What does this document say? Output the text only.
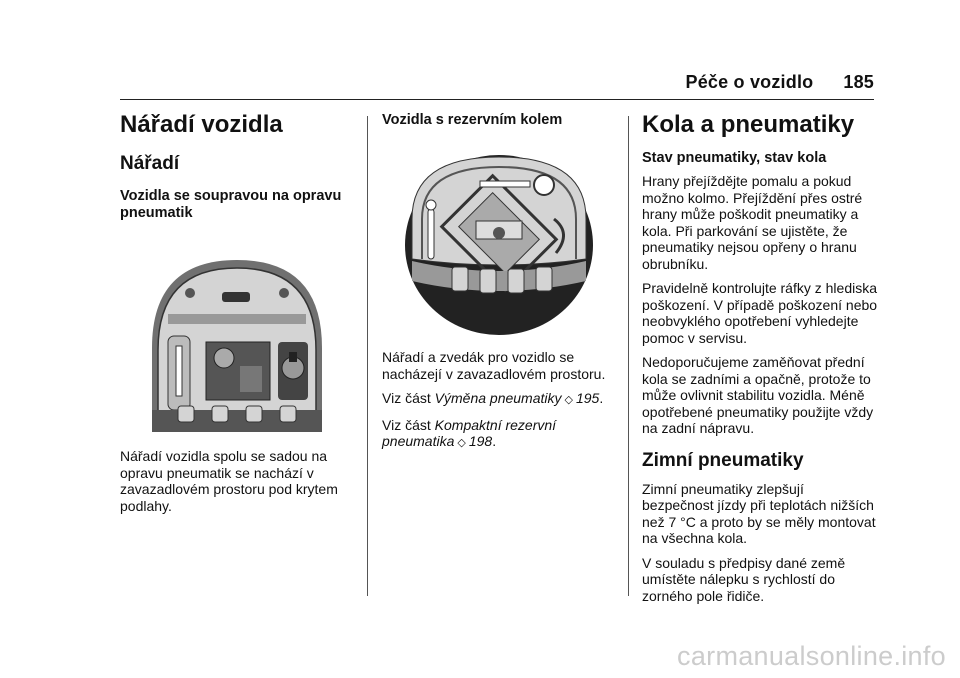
Péče o vozidlo 185
Nářadí vozidla
Nářadí
Vozidla se soupravou na opravu pneumatik

Nářadí vozidla spolu se sadou na opravu pneumatik se nachází v zavazadlovém prostoru pod krytem podlahy.

Vozidla s rezervním kolem

Nářadí a zvedák pro vozidlo se nacházejí v zavazadlovém prostoru.

Viz část Výměna pneumatiky ◇ 195.

Viz část Kompaktní rezervní pneumatika ◇ 198.

Kola a pneumatiky
Stav pneumatiky, stav kola

Hrany přejíždějte pomalu a pokud možno kolmo. Přejíždění přes ostré hrany může poškodit pneumatiky a kola. Při parkování se ujistěte, že pneumatiky nejsou opřeny o hranu obrubníku.

Pravidelně kontrolujte ráfky z hlediska poškození. V případě poškození nebo neobvyklého opotřebení vyhledejte pomoc v servisu.

Nedoporučujeme zaměňovat přední kola se zadními a opačně, protože to může ovlivnit stabilitu vozidla. Méně opotřebené pneumatiky použijte vždy na zadní nápravu.

Zimní pneumatiky

Zimní pneumatiky zlepšují bezpečnost jízdy při teplotách nižších než 7 °C a proto by se měly montovat na všechna kola.

V souladu s předpisy dané země umístěte nálepku s rychlostí do zorného pole řidiče.

carmanualsonline.info
